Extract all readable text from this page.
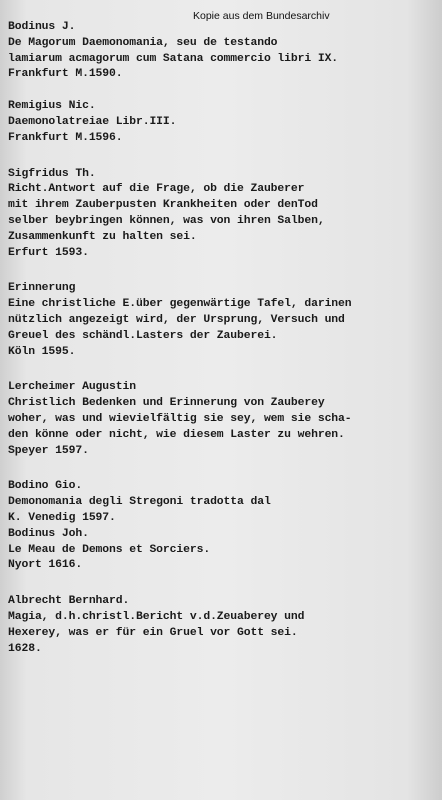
Kopie aus dem Bundesarchiv
Bodinus J.
De Magorum Daemonomania, seu de testando
lamiarum acmagorum cum Satana commercio libri IX.
Frankfurt M.1590.
Remigius Nic.
Daemonolatreiae Libr.III.
Frankfurt M.1596.
Sigfridus Th.
Richt.Antwort auf die Frage, ob die Zauberer
mit ihrem Zauberpusten Krankheiten oder denTod
selber beybringen können, was von ihren Salben,
Zusammenkunft zu halten sei.
Erfurt 1593.
Erinnerung
Eine christliche E.über gegenwärtige Tafel, darinen
nützlich angezeigt wird, der Ursprung, Versuch und
Greuel des schändl.Lasters der Zauberei.
Köln 1595.
Lercheimer Augustin
Christlich Bedenken und Erinnerung von Zauberey
woher, was und wievielfältig sie sey, wem sie scha-
den könne oder nicht, wie diesem Laster zu wehren.
Speyer 1597.
Bodino Gio.
Demonomania degli Stregoni tradotta dal
K. Venedig 1597.
Bodinus Joh.
Le Meau de Demons et Sorciers.
Nyort 1616.
Albrecht Bernhard.
Magia, d.h.christl.Bericht v.d.Zeuaberey und
Hexerey, was er für ein Gruel vor Gott sei.
1628.
